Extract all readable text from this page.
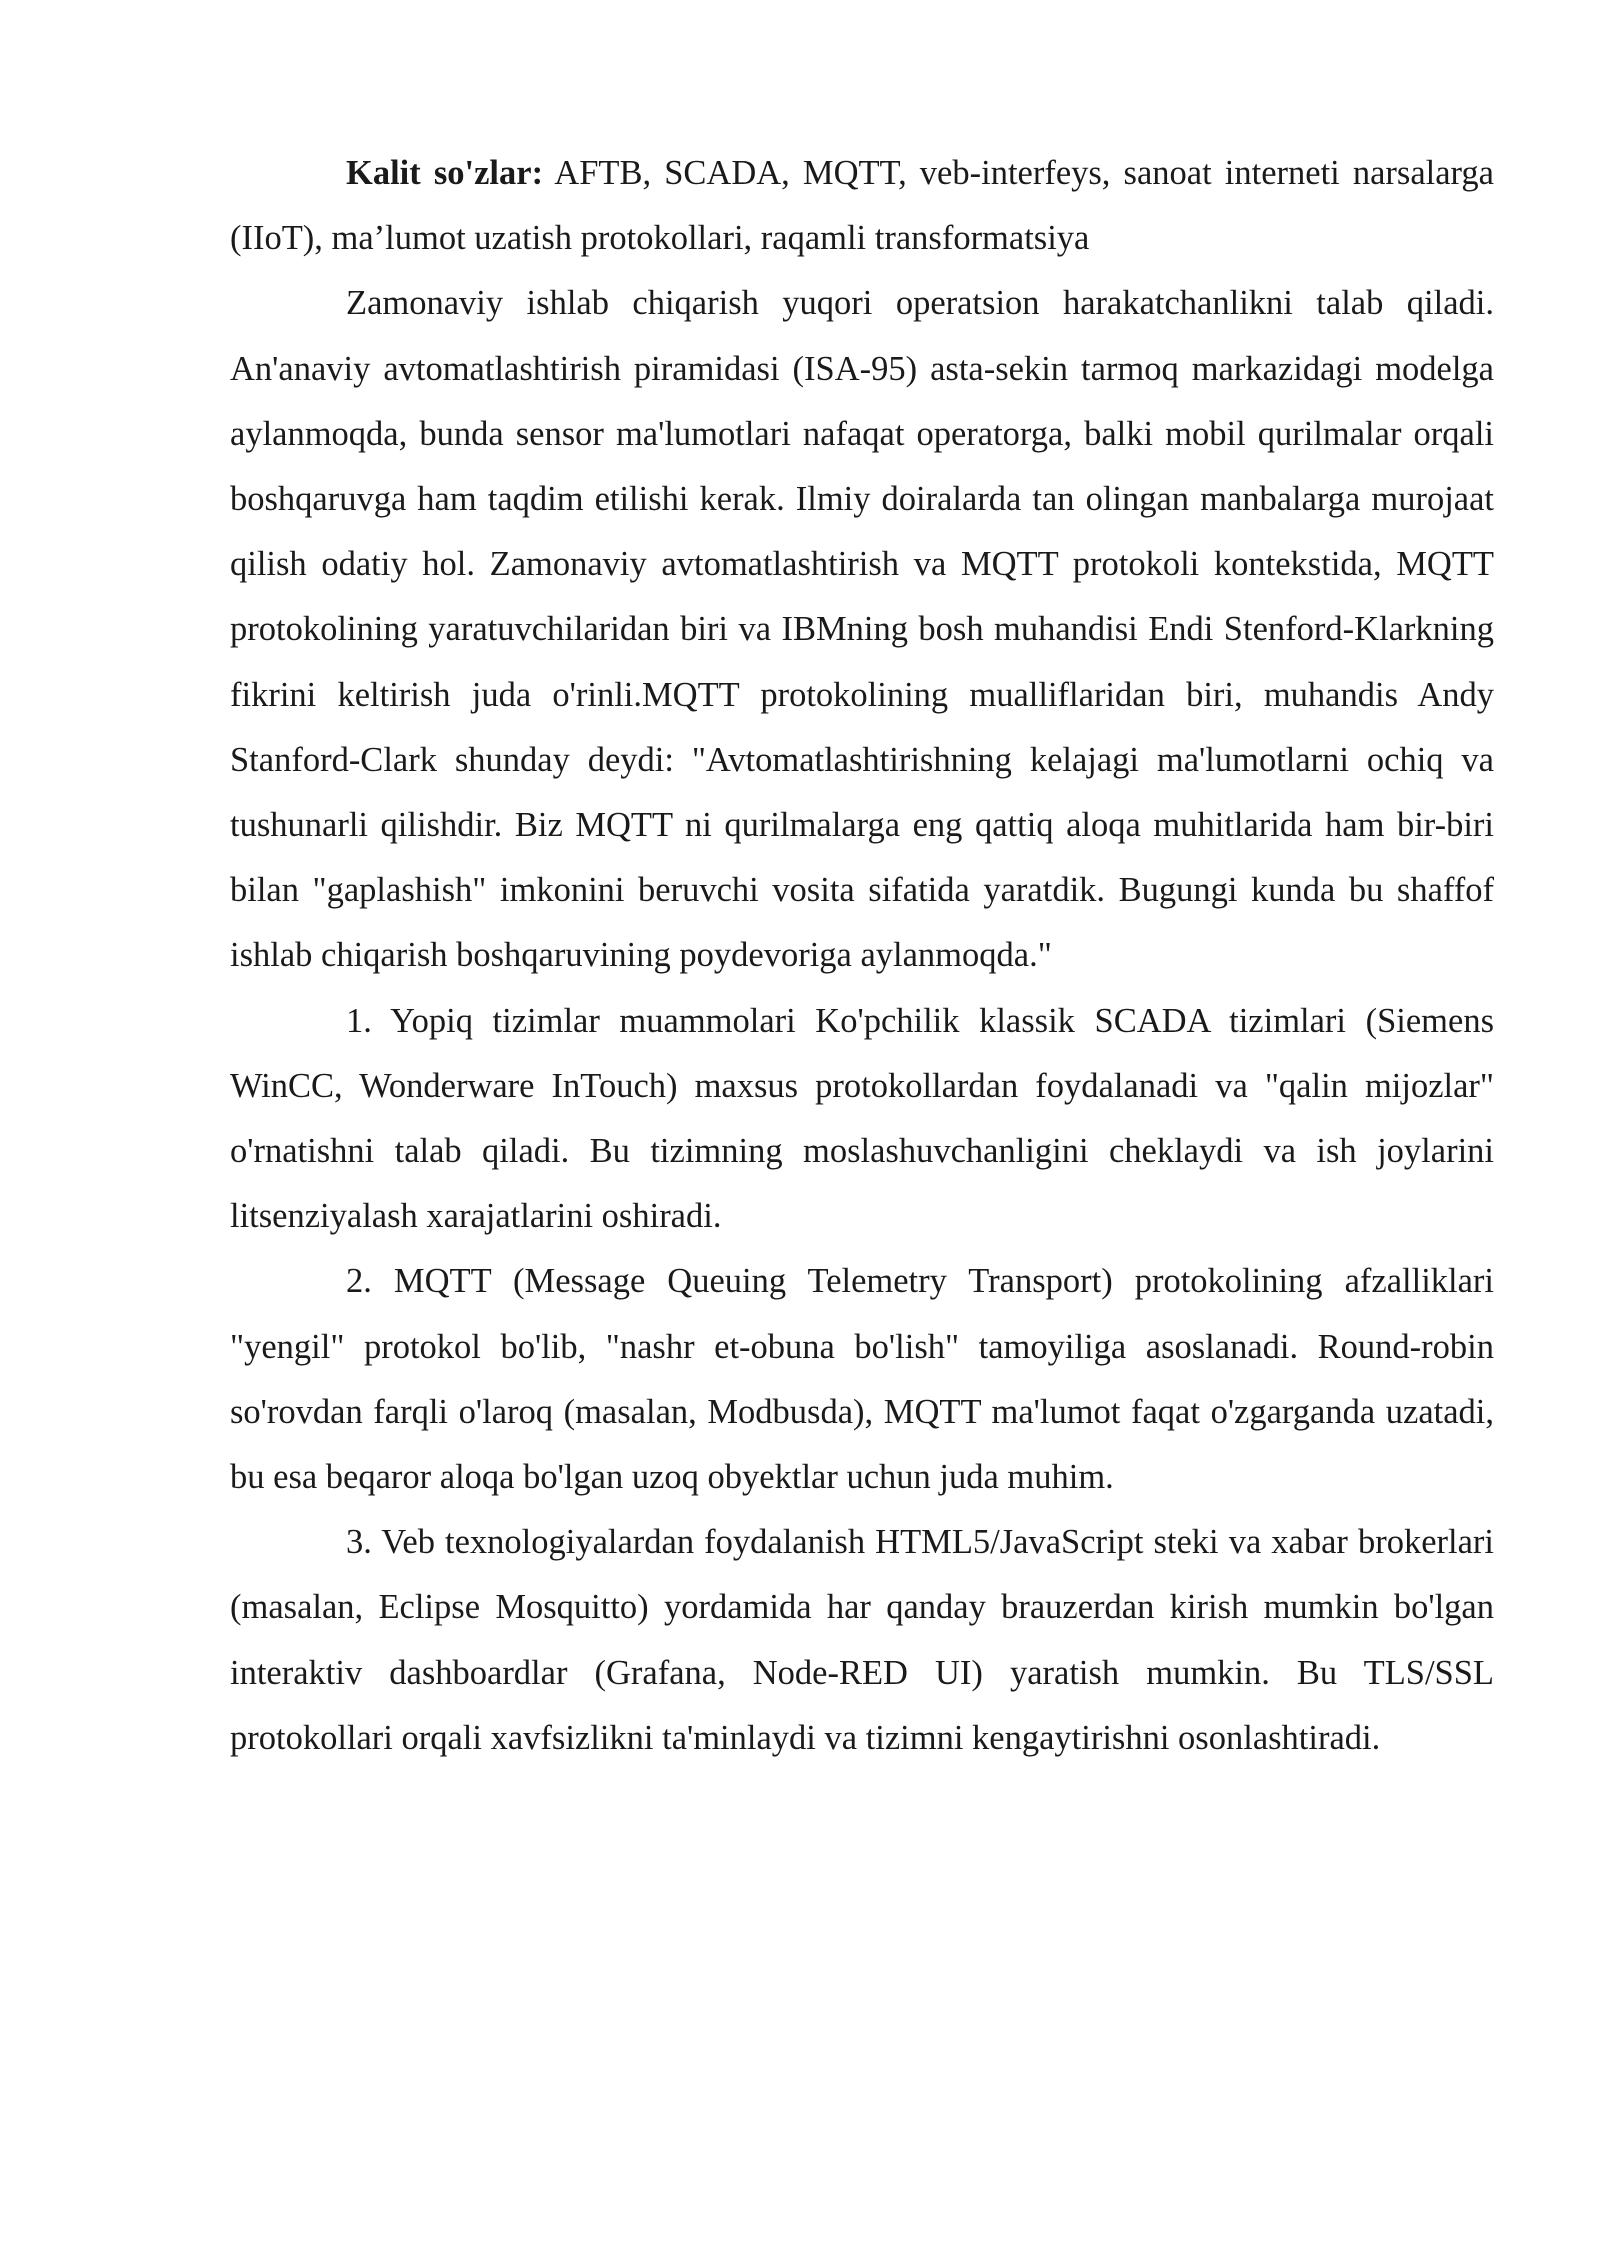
Kalit so'zlar: AFTB, SCADA, MQTT, veb-interfeys, sanoat interneti narsalarga (IIoT), ma’lumot uzatish protokollari, raqamli transformatsiya

Zamonaviy ishlab chiqarish yuqori operatsion harakatchanlikni talab qiladi. An'anaviy avtomatlashtirish piramidasi (ISA-95) asta-sekin tarmoq markazidagi modelga aylanmoqda, bunda sensor ma'lumotlari nafaqat operatorga, balki mobil qurilmalar orqali boshqaruvga ham taqdim etilishi kerak. Ilmiy doiralarda tan olingan manbalarga murojaat qilish odatiy hol. Zamonaviy avtomatlashtirish va MQTT protokoli kontekstida, MQTT protokolining yaratuvchilaridan biri va IBMning bosh muhandisi Endi Stenford-Klarkning fikrini keltirish juda o'rinli.MQTT protokolining mualliflaridan biri, muhandis Andy Stanford-Clark shunday deydi: "Avtomatlashtirishning kelajagi ma'lumotlarni ochiq va tushunarli qilishdir. Biz MQTT ni qurilmalarga eng qattiq aloqa muhitlarida ham bir-biri bilan "gaplashish" imkonini beruvchi vosita sifatida yaratdik. Bugungi kunda bu shaffof ishlab chiqarish boshqaruvining poydevoriga aylanmoqda."

1. Yopiq tizimlar muammolari Ko'pchilik klassik SCADA tizimlari (Siemens WinCC, Wonderware InTouch) maxsus protokollardan foydalanadi va "qalin mijozlar" o'rnatishni talab qiladi. Bu tizimning moslashuvchanligini cheklaydi va ish joylarini litsenziyalash xarajatlarini oshiradi.

2. MQTT (Message Queuing Telemetry Transport) protokolining afzalliklari "yengil" protokol bo'lib, "nashr et-obuna bo'lish" tamoyiliga asoslanadi. Round-robin so'rovdan farqli o'laroq (masalan, Modbusda), MQTT ma'lumot faqat o'zgarganda uzatadi, bu esa beqaror aloqa bo'lgan uzoq obyektlar uchun juda muhim.

3. Veb texnologiyalardan foydalanish HTML5/JavaScript steki va xabar brokerlari (masalan, Eclipse Mosquitto) yordamida har qanday brauzerdan kirish mumkin bo'lgan interaktiv dashboardlar (Grafana, Node-RED UI) yaratish mumkin. Bu TLS/SSL protokollari orqali xavfsizlikni ta'minlaydi va tizimni kengaytirishni osonlashtiradi.
